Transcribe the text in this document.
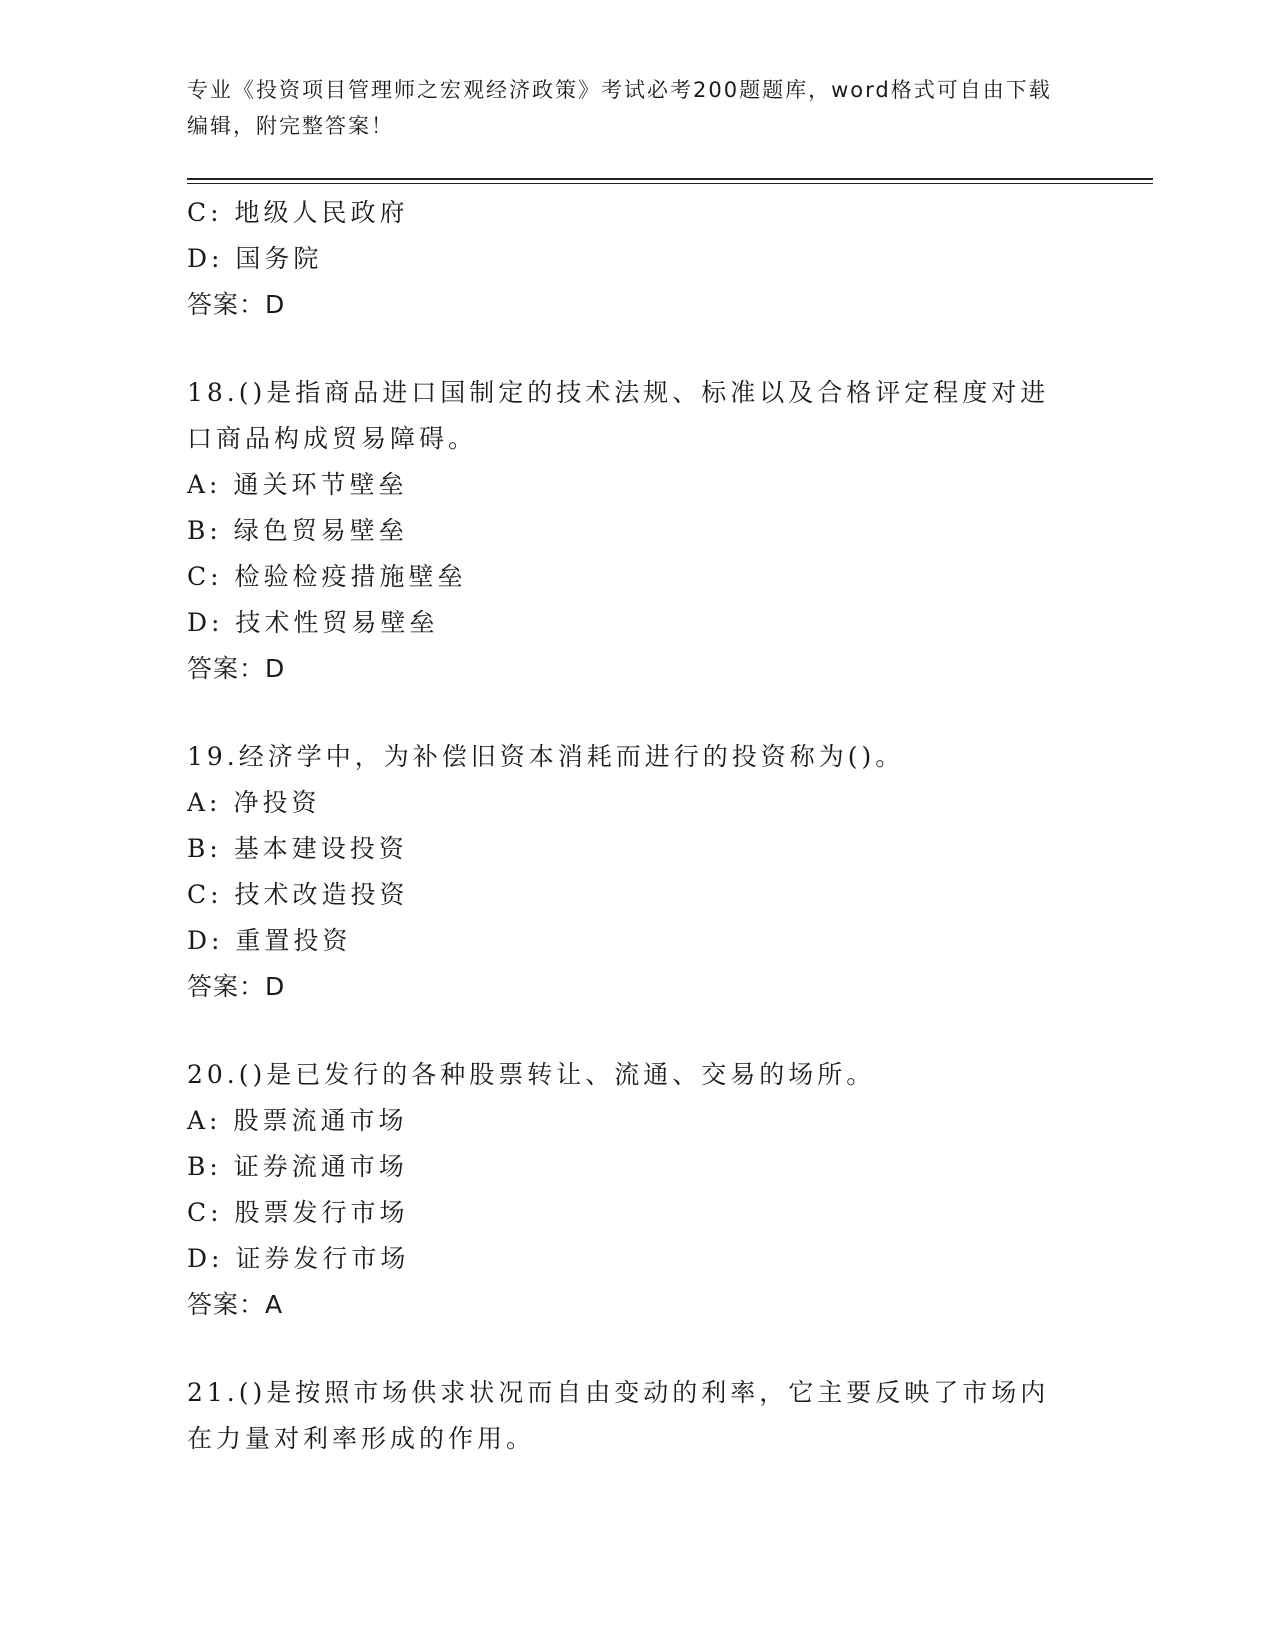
专业《投资项目管理师之宏观经济政策》考试必考200题题库，word格式可自由下载编辑，附完整答案！
C: 地级人民政府
D: 国务院
答案：D
18.()是指商品进口国制定的技术法规、标准以及合格评定程度对进口商品构成贸易障碍。
A: 通关环节壁垒
B: 绿色贸易壁垒
C: 检验检疫措施壁垒
D: 技术性贸易壁垒
答案：D
19.经济学中，为补偿旧资本消耗而进行的投资称为()。
A: 净投资
B: 基本建设投资
C: 技术改造投资
D: 重置投资
答案：D
20.()是已发行的各种股票转让、流通、交易的场所。
A: 股票流通市场
B: 证券流通市场
C: 股票发行市场
D: 证券发行市场
答案：A
21.()是按照市场供求状况而自由变动的利率，它主要反映了市场内在力量对利率形成的作用。
